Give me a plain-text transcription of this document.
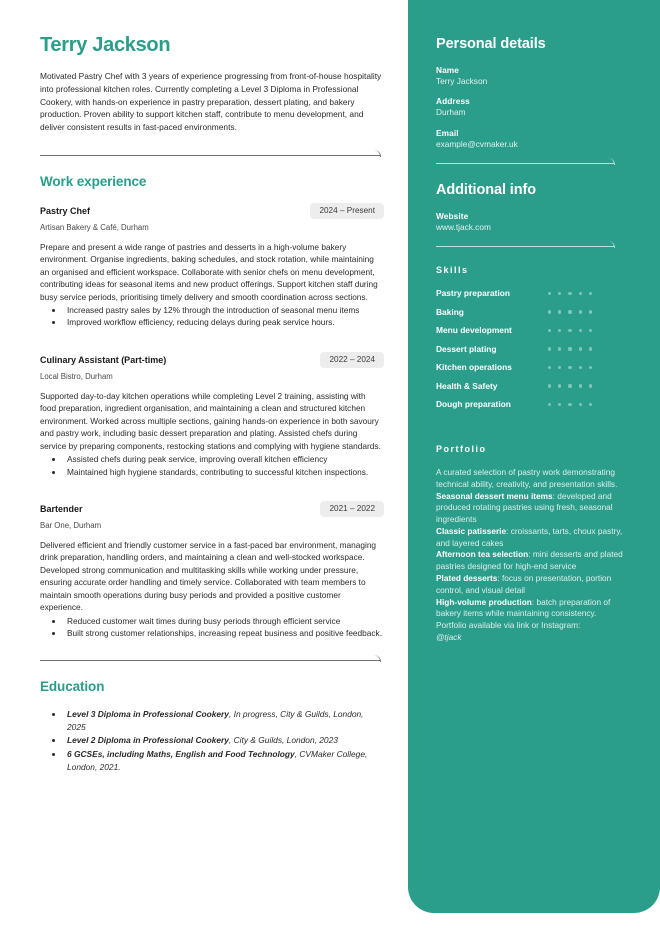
Terry Jackson
Motivated Pastry Chef with 3 years of experience progressing from front-of-house hospitality into professional kitchen roles. Currently completing a Level 3 Diploma in Professional Cookery, with hands-on experience in pastry preparation, dessert plating, and bakery production. Proven ability to support kitchen staff, contribute to menu development, and deliver consistent results in fast-paced environments.
Work experience
Pastry Chef	2024 – Present
Artisan Bakery & Café, Durham
Prepare and present a wide range of pastries and desserts in a high-volume bakery environment. Organise ingredients, baking schedules, and stock rotation, while maintaining an organised and efficient workspace. Collaborate with senior chefs on menu development, contributing ideas for seasonal items and new product offerings. Support kitchen staff during busy service periods, prioritising timely delivery and smooth coordination across sections.
• Increased pastry sales by 12% through the introduction of seasonal menu items
• Improved workflow efficiency, reducing delays during peak service hours.
Culinary Assistant (Part-time)	2022 – 2024
Local Bistro, Durham
Supported day-to-day kitchen operations while completing Level 2 training, assisting with food preparation, ingredient organisation, and maintaining a clean and structured kitchen environment. Worked across multiple sections, gaining hands-on experience in both savoury and pastry work, including basic dessert preparation and plating. Assisted chefs during service by preparing components, restocking stations and complying with hygiene standards.
• Assisted chefs during peak service, improving overall kitchen efficiency
• Maintained high hygiene standards, contributing to successful kitchen inspections.
Bartender	2021 – 2022
Bar One, Durham
Delivered efficient and friendly customer service in a fast-paced bar environment, managing drink preparation, handling orders, and maintaining a clean and well-stocked workspace. Developed strong communication and multitasking skills while working under pressure, ensuring accurate order handling and timely service. Collaborated with team members to maintain smooth operations during busy periods and provided a positive customer experience.
• Reduced customer wait times during busy periods through efficient service
• Built strong customer relationships, increasing repeat business and positive feedback.
Education
• Level 3 Diploma in Professional Cookery, In progress, City & Guilds, London, 2025
• Level 2 Diploma in Professional Cookery, City & Guilds, London, 2023
• 6 GCSEs, including Maths, English and Food Technology, CVMaker College, London, 2021.
Personal details
Name
Terry Jackson
Address
Durham
Email
example@cvmaker.uk
Additional info
Website
www.tjack.com
Skills
Pastry preparation
Baking
Menu development
Dessert plating
Kitchen operations
Health & Safety
Dough preparation
Portfolio
A curated selection of pastry work demonstrating technical ability, creativity, and presentation skills.
Seasonal dessert menu items: developed and produced rotating pastries using fresh, seasonal ingredients
Classic patisserie: croissants, tarts, choux pastry, and layered cakes
Afternoon tea selection: mini desserts and plated pastries designed for high-end service
Plated desserts: focus on presentation, portion control, and visual detail
High-volume production: batch preparation of bakery items while maintaining consistency.
Portfolio available via link or Instagram:
@tjack
